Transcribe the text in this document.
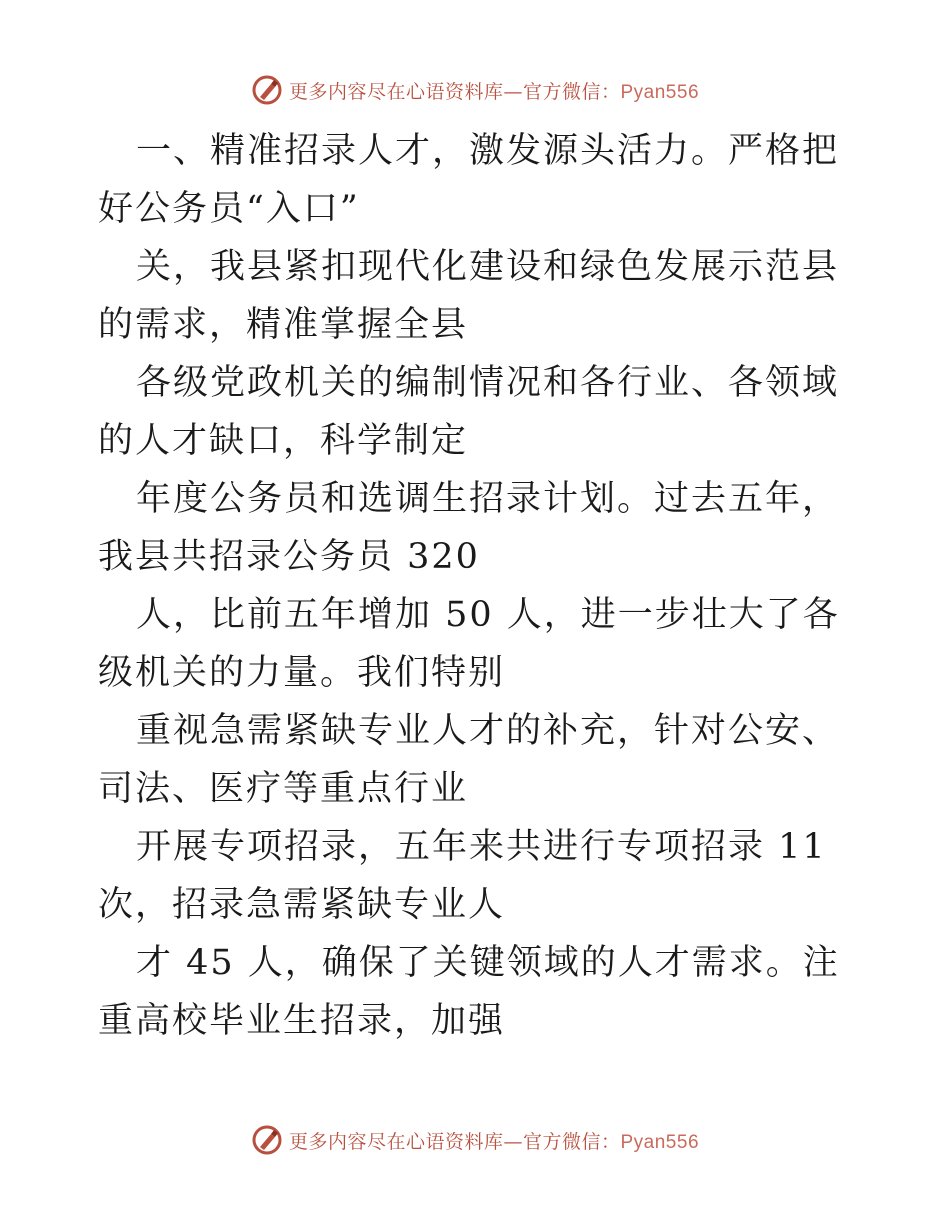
更多内容尽在心语资料库—官方微信：Pyan556

一、精准招录人才，激发源头活力。严格把好公务员“入口”

关，我县紧扣现代化建设和绿色发展示范县的需求，精准掌握全县

各级党政机关的编制情况和各行业、各领域的人才缺口，科学制定

年度公务员和选调生招录计划。过去五年，我县共招录公务员 320

人，比前五年增加 50 人，进一步壮大了各级机关的力量。我们特别

重视急需紧缺专业人才的补充，针对公安、司法、医疗等重点行业

开展专项招录，五年来共进行专项招录 11 次，招录急需紧缺专业人

才 45 人，确保了关键领域的人才需求。注重高校毕业生招录，加强

更多内容尽在心语资料库—官方微信：Pyan556
